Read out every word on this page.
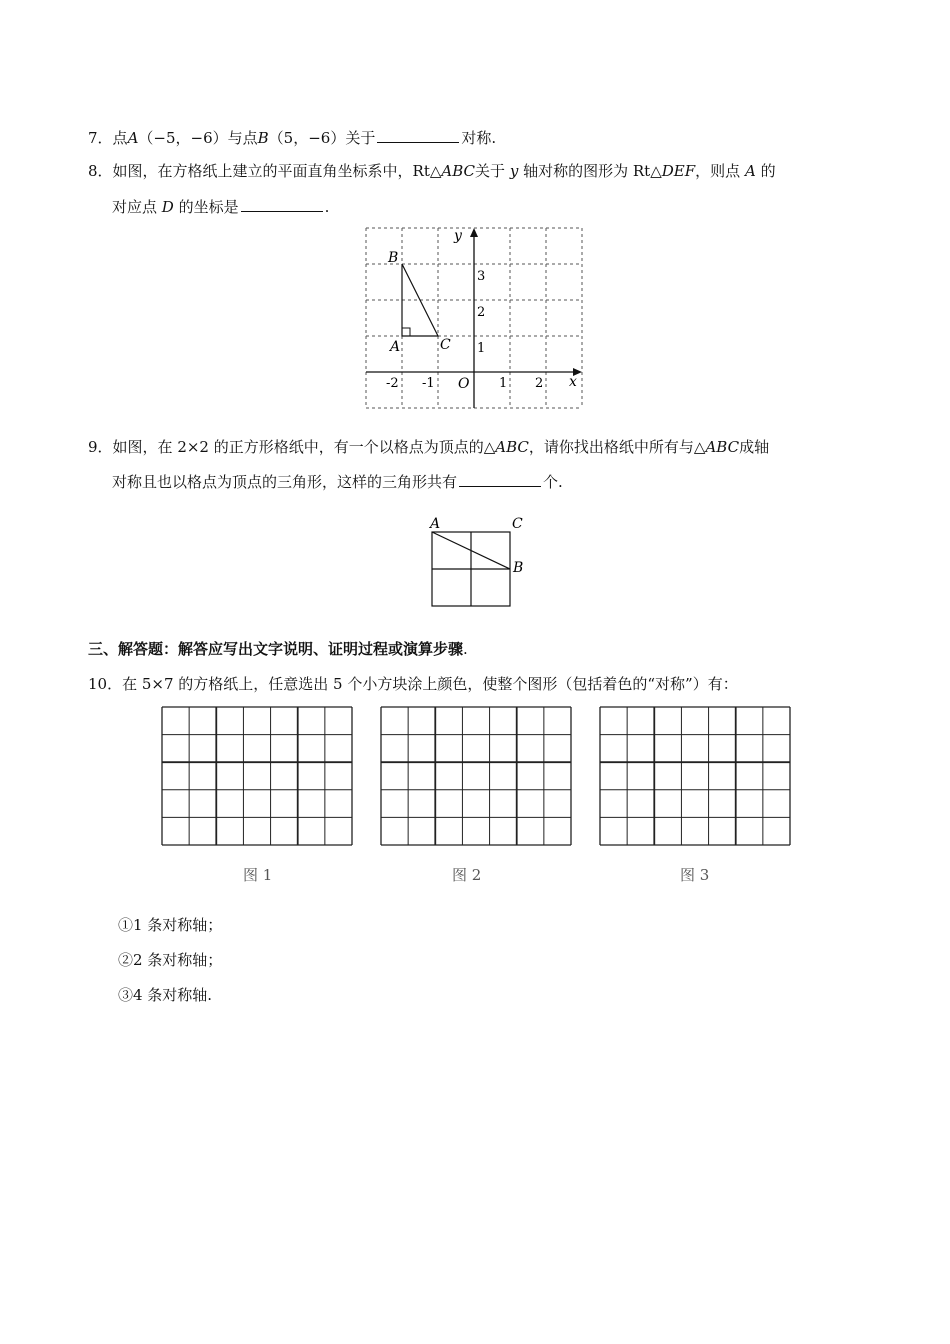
7．点A（−5，−6）与点B（5，−6）关于	对称.
8．如图，在方格纸上建立的平面直角坐标系中，Rt△ABC关于 y 轴对称的图形为 Rt△DEF，则点 A 的
对应点 D 的坐标是	.
y
x
O
B
A	C
-2 -1	1 2
1
2
3
9．如图，在 2×2 的正方形格纸中，有一个以格点为顶点的△ABC，请你找出格纸中所有与△ABC成轴
对称且也以格点为顶点的三角形，这样的三角形共有	个.
A	C
B
三、解答题：解答应写出文字说明、证明过程或演算步骤.
10．在 5×7 的方格纸上，任意选出 5 个小方块涂上颜色，使整个图形（包括着色的“对称”）有：
图 1	图 2	图 3
①1 条对称轴；
②2 条对称轴；
③4 条对称轴.
